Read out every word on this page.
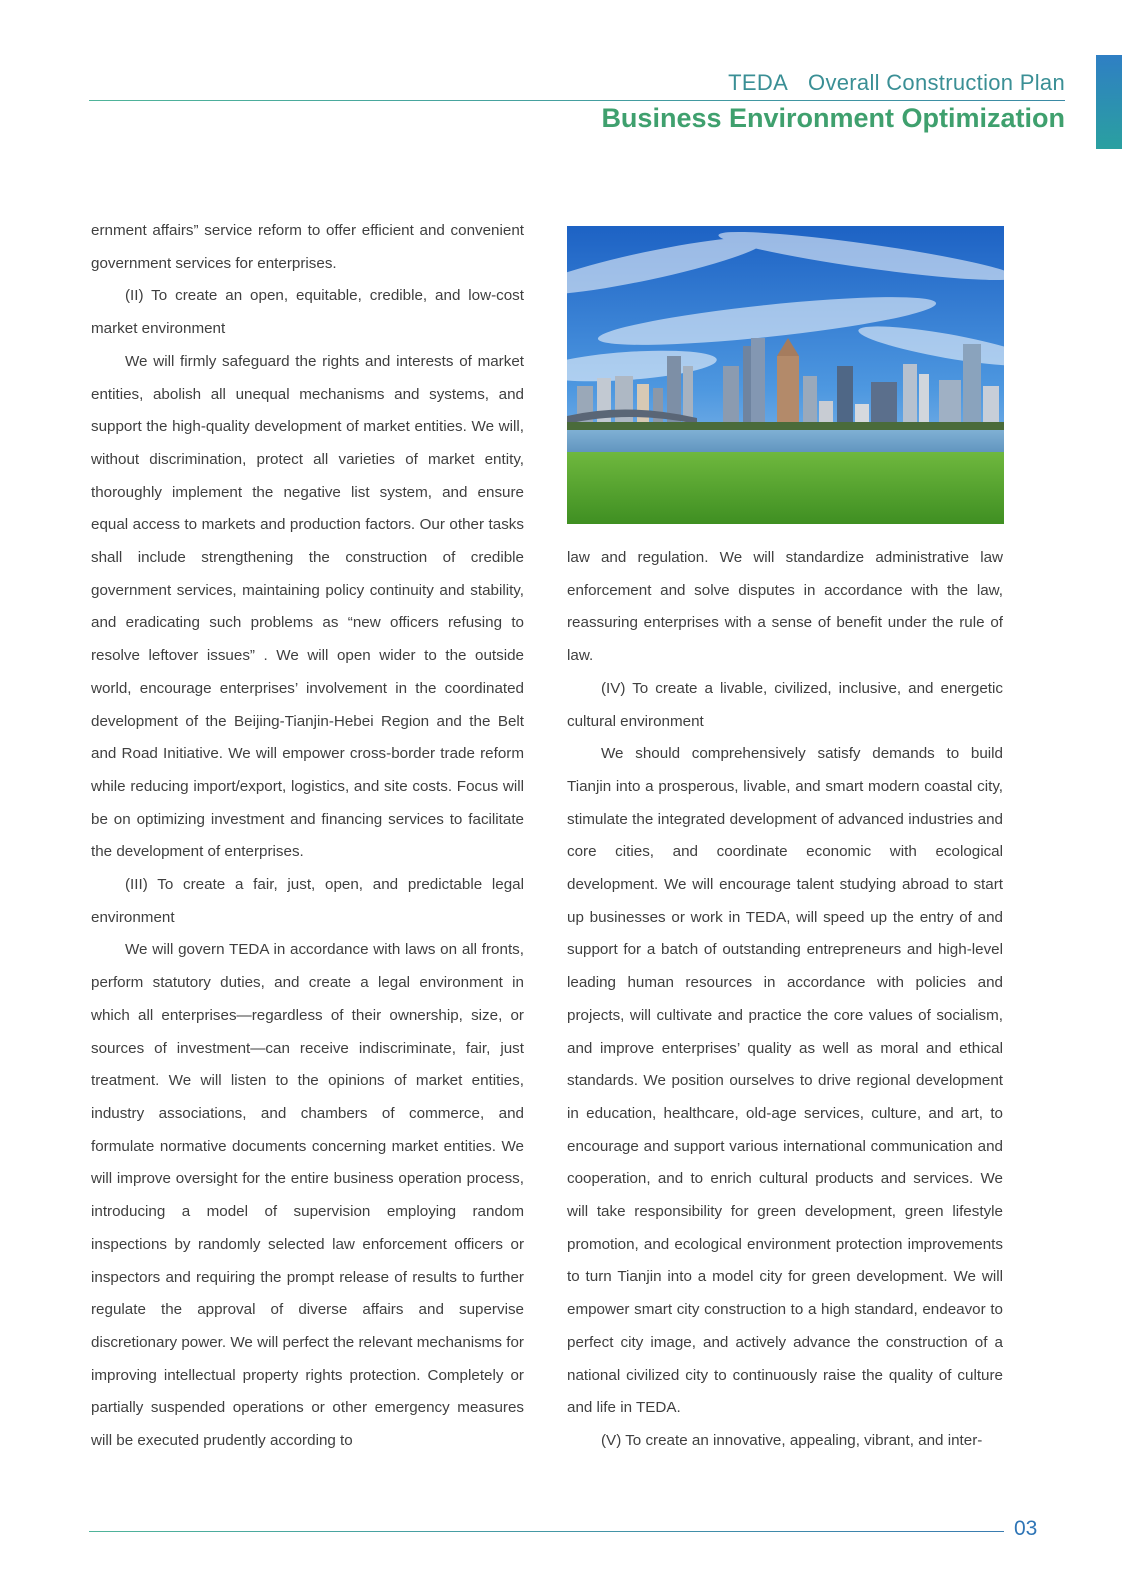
TEDA Overall Construction Plan
Business Environment Optimization

ernment affairs” service reform to offer efficient and convenient government services for enterprises.

(II) To create an open, equitable, credible, and low-cost market environment

We will firmly safeguard the rights and interests of market entities, abolish all unequal mechanisms and systems, and support the high-quality development of market entities. We will, without discrimination, protect all varieties of market entity, thoroughly implement the negative list system, and ensure equal access to markets and production factors. Our other tasks shall include strengthening the construction of credible government services, maintaining policy continuity and stability, and eradicating such problems as “new officers refusing to resolve leftover issues” . We will open wider to the outside world, encourage enterprises’ involvement in the coordinated development of the Beijing-Tianjin-Hebei Region and the Belt and Road Initiative. We will empower cross-border trade reform while reducing import/export, logistics, and site costs. Focus will be on optimizing investment and financing services to facilitate the development of enterprises.

(III) To create a fair, just, open, and predictable legal environment

We will govern TEDA in accordance with laws on all fronts, perform statutory duties, and create a legal environment in which all enterprises—regardless of their ownership, size, or sources of investment—can receive indiscriminate, fair, just treatment. We will listen to the opinions of market entities, industry associations, and chambers of commerce, and formulate normative documents concerning market entities. We will improve oversight for the entire business operation process, introducing a model of supervision employing random inspections by randomly selected law enforcement officers or inspectors and requiring the prompt release of results to further regulate the approval of diverse affairs and supervise discretionary power. We will perfect the relevant mechanisms for improving intellectual property rights protection. Completely or partially suspended operations or other emergency measures will be executed prudently according to

law and regulation. We will standardize administrative law enforcement and solve disputes in accordance with the law, reassuring enterprises with a sense of benefit under the rule of law.

(IV) To create a livable, civilized, inclusive, and energetic cultural environment

We should comprehensively satisfy demands to build Tianjin into a prosperous, livable, and smart modern coastal city, stimulate the integrated development of advanced industries and core cities, and coordinate economic with ecological development. We will encourage talent studying abroad to start up businesses or work in TEDA, will speed up the entry of and support for a batch of outstanding entrepreneurs and high-level leading human resources in accordance with policies and projects, will cultivate and practice the core values of socialism, and improve enterprises’ quality as well as moral and ethical standards. We position ourselves to drive regional development in education, healthcare, old-age services, culture, and art, to encourage and support various international communication and cooperation, and to enrich cultural products and services. We will take responsibility for green development, green lifestyle promotion, and ecological environment protection improvements to turn Tianjin into a model city for green development. We will empower smart city construction to a high standard, endeavor to perfect city image, and actively advance the construction of a national civilized city to continuously raise the quality of culture and life in TEDA.

(V) To create an innovative, appealing, vibrant, and inter-

03
